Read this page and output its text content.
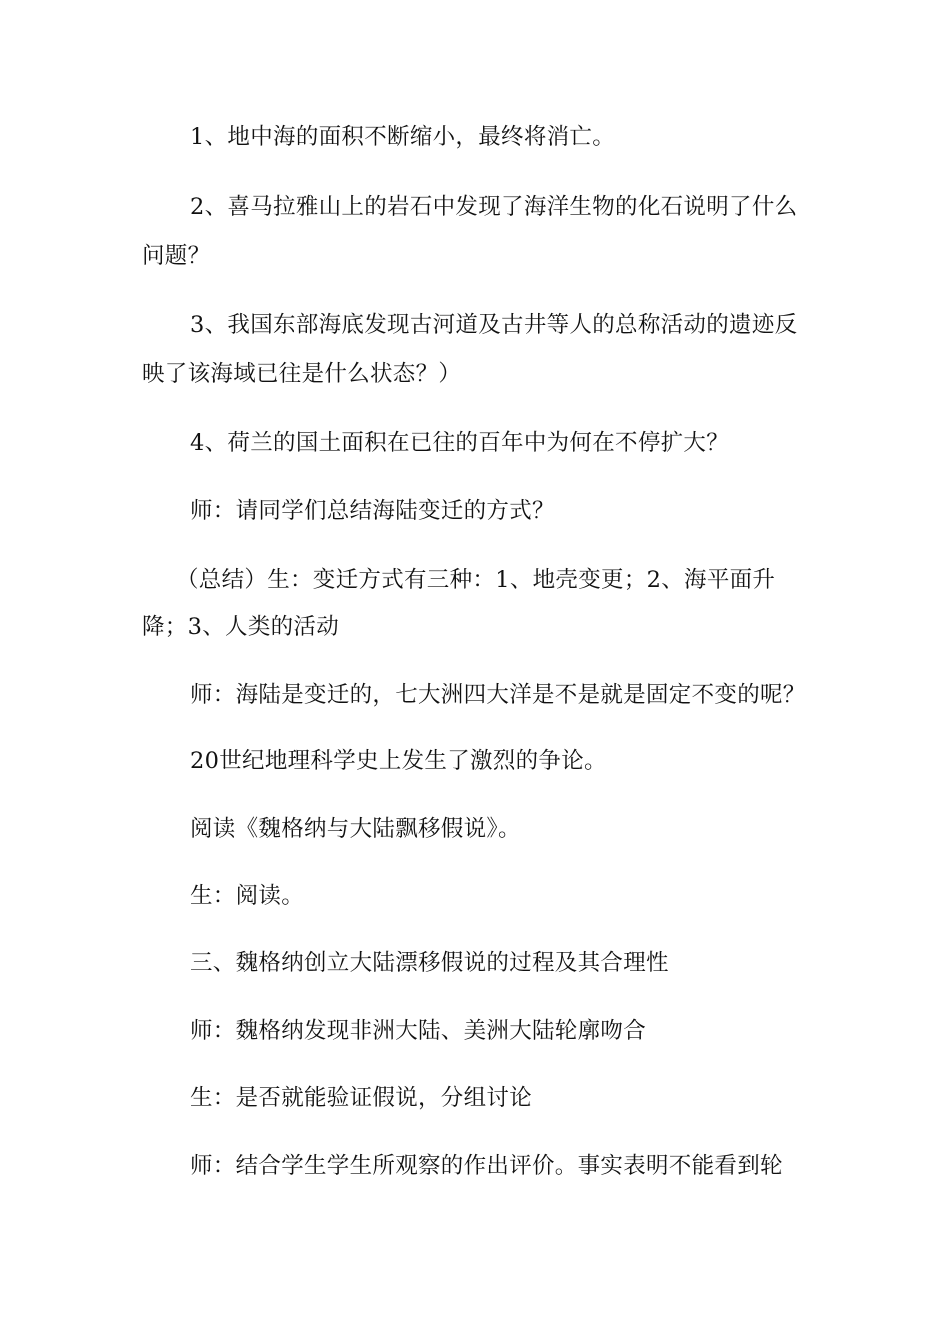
1、地中海的面积不断缩小，最终将消亡。
2、喜马拉雅山上的岩石中发现了海洋生物的化石说明了什么
问题？
3、我国东部海底发现古河道及古井等人的总称活动的遗迹反
映了该海域已往是什么状态？）
4、荷兰的国土面积在已往的百年中为何在不停扩大？
师：请同学们总结海陆变迁的方式？
（总结）生：变迁方式有三种：1、地壳变更；2、海平面升
降；3、人类的活动
师：海陆是变迁的，七大洲四大洋是不是就是固定不变的呢？
20世纪地理科学史上发生了激烈的争论。
阅读《魏格纳与大陆飘移假说》。
生：阅读。
三、魏格纳创立大陆漂移假说的过程及其合理性
师：魏格纳发现非洲大陆、美洲大陆轮廓吻合
生：是否就能验证假说，分组讨论
师：结合学生学生所观察的作出评价。事实表明不能看到轮
